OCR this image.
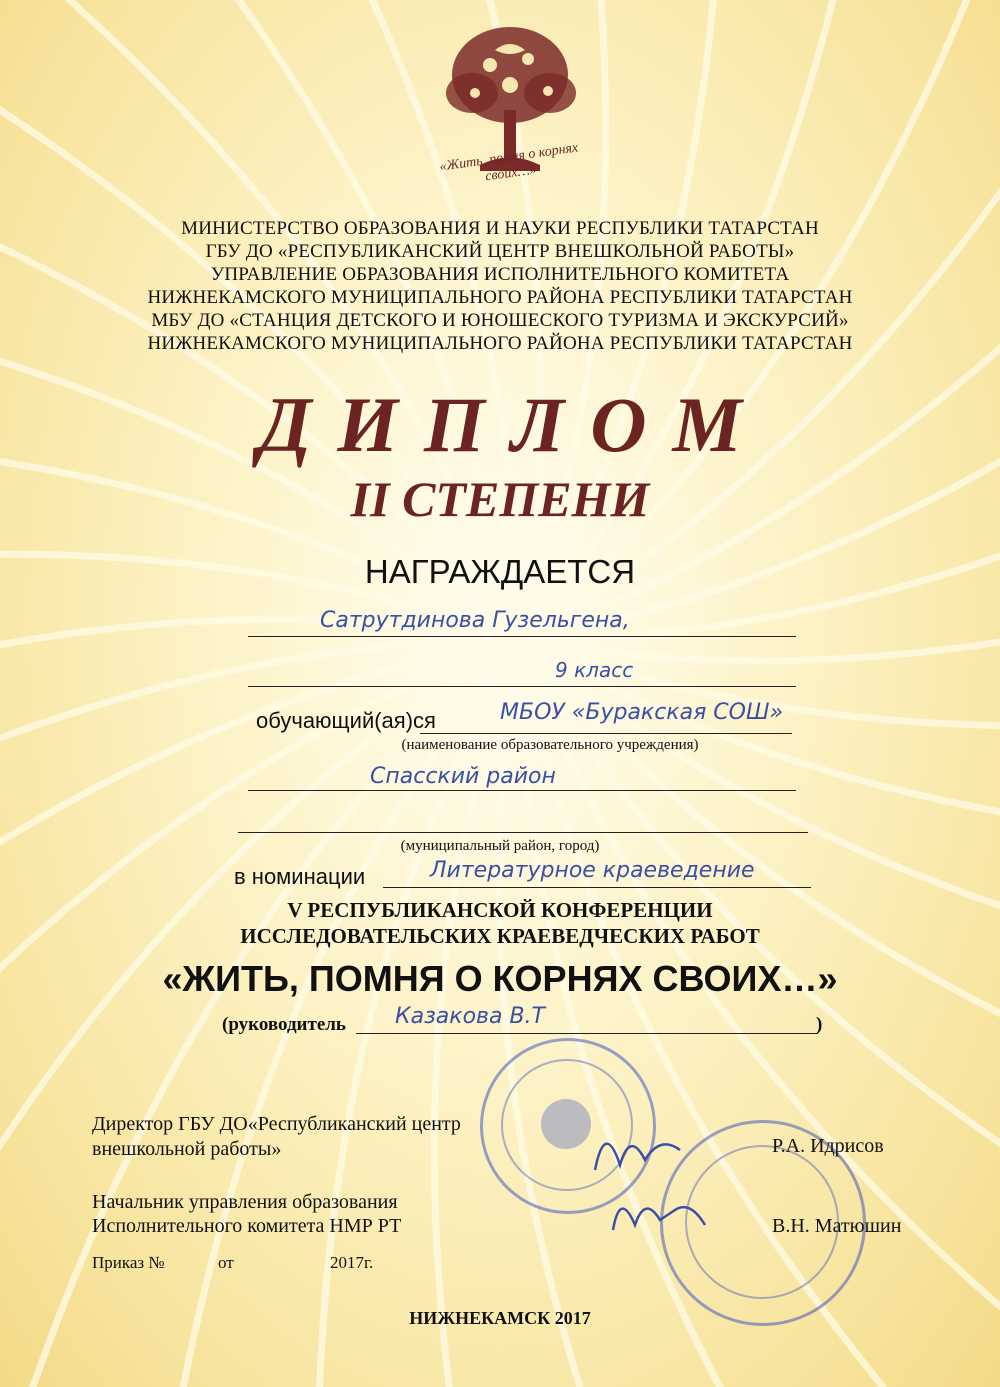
«Жить, помня о корнях своих…»
МИНИСТЕРСТВО ОБРАЗОВАНИЯ И НАУКИ РЕСПУБЛИКИ ТАТАРСТАН
ГБУ ДО «РЕСПУБЛИКАНСКИЙ ЦЕНТР ВНЕШКОЛЬНОЙ РАБОТЫ»
УПРАВЛЕНИЕ ОБРАЗОВАНИЯ ИСПОЛНИТЕЛЬНОГО КОМИТЕТА
НИЖНЕКАМСКОГО МУНИЦИПАЛЬНОГО РАЙОНА РЕСПУБЛИКИ ТАТАРСТАН
МБУ ДО «СТАНЦИЯ ДЕТСКОГО И ЮНОШЕСКОГО ТУРИЗМА И ЭКСКУРСИЙ»
НИЖНЕКАМСКОГО МУНИЦИПАЛЬНОГО РАЙОНА РЕСПУБЛИКИ ТАТАРСТАН
ДИПЛОМ
II СТЕПЕНИ
НАГРАЖДАЕТСЯ
Сатрутдинова Гузельгена,
9 класс
обучающий(ая)ся	МБОУ «Буракская СОШ»
(наименование образовательного учреждения)
Спасский район
(муниципальный район, город)
в номинации	Литературное краеведение
V РЕСПУБЛИКАНСКОЙ КОНФЕРЕНЦИИ
ИССЛЕДОВАТЕЛЬСКИХ КРАЕВЕДЧЕСКИХ РАБОТ
«ЖИТЬ, ПОМНЯ О КОРНЯХ СВОИХ…»
(руководитель Казакова В.Т	)
Директор ГБУ ДО«Республиканский центр
внешкольной работы»	Р.А. Идрисов
Начальник управления образования
Исполнительного комитета НМР РТ	В.Н. Матюшин
Приказ №	от	2017г.
НИЖНЕКАМСК 2017
